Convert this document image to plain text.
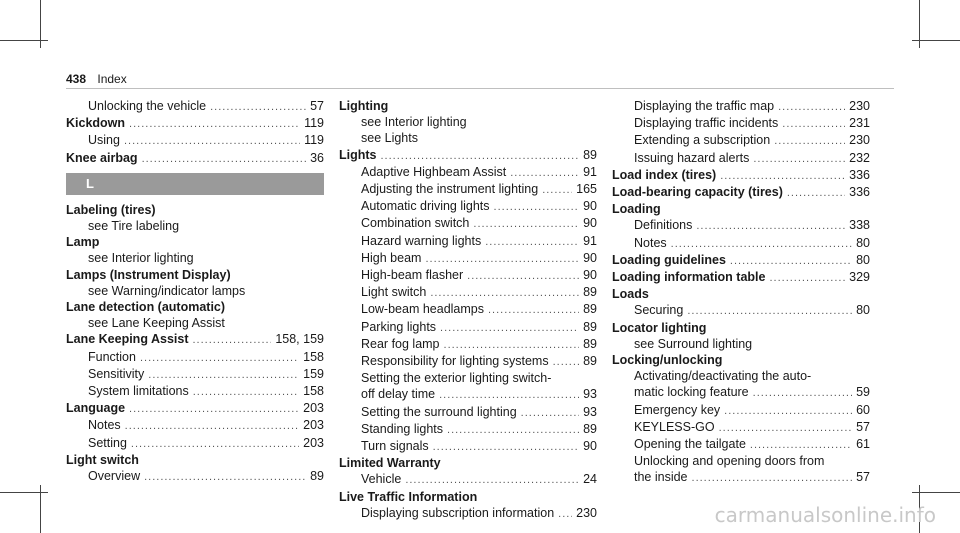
438 Index
Unlocking the vehicle .....	57
Kickdown .....	119
Using .....	119
Knee airbag .....	36
L
Labeling (tires)
see Tire labeling
Lamp
see Interior lighting
Lamps (Instrument Display)
see Warning/indicator lamps
Lane detection (automatic)
see Lane Keeping Assist
Lane Keeping Assist .....	158, 159
Function .....	158
Sensitivity .....	159
System limitations .....	158
Language .....	203
Notes .....	203
Setting .....	203
Light switch
Overview .....	89
Lighting
see Interior lighting
see Lights
Lights .....	89
Adaptive Highbeam Assist .....	91
Adjusting the instrument lighting .....	165
Automatic driving lights .....	90
Combination switch .....	90
Hazard warning lights .....	91
High beam .....	90
High-beam flasher .....	90
Light switch .....	89
Low-beam headlamps .....	89
Parking lights .....	89
Rear fog lamp .....	89
Responsibility for lighting systems .....	89
Setting the exterior lighting switch-
off delay time .....	93
Setting the surround lighting .....	93
Standing lights .....	89
Turn signals .....	90
Limited Warranty
Vehicle .....	24
Live Traffic Information
Displaying subscription information ..... 230
Displaying the traffic map .....	230
Displaying traffic incidents .....	231
Extending a subscription .....	230
Issuing hazard alerts .....	232
Load index (tires) .....	336
Load-bearing capacity (tires) .....	336
Loading
Definitions .....	338
Notes .....	80
Loading guidelines .....	80
Loading information table .....	329
Loads
Securing .....	80
Locator lighting
see Surround lighting
Locking/unlocking
Activating/deactivating the auto-
matic locking feature .....	59
Emergency key .....	60
KEYLESS-GO .....	57
Opening the tailgate .....	61
Unlocking and opening doors from
the inside .....	57
carmanualsonline.info
